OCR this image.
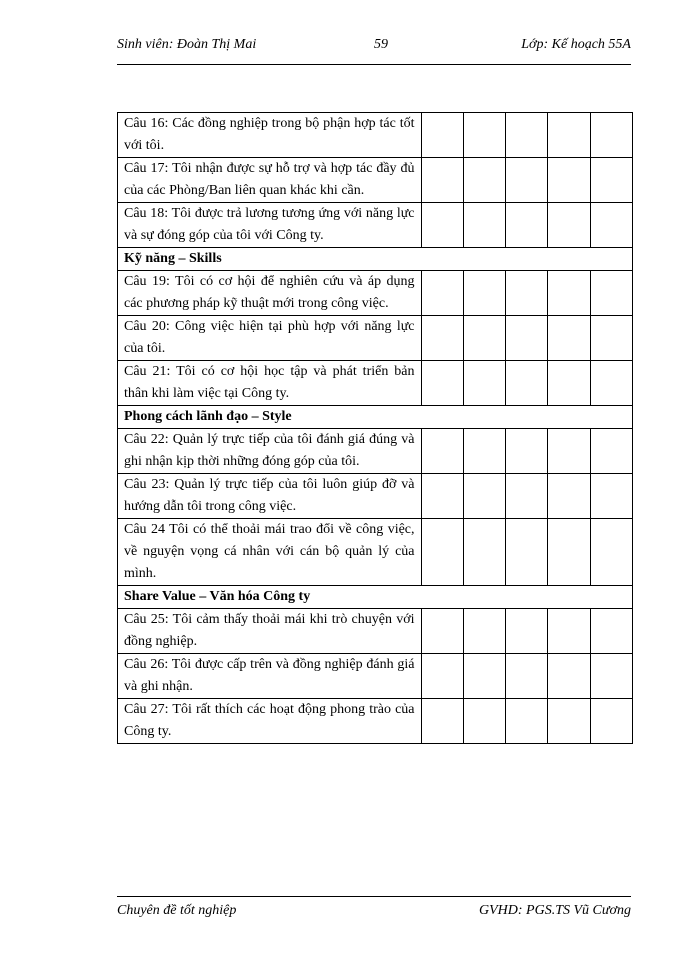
Sinh viên: Đoàn Thị Mai	59	Lớp: Kế hoạch 55A
Câu 16: Các đồng nghiệp trong bộ phận hợp tác tốt với tôi.					
Câu 17: Tôi nhận được sự hỗ trợ và hợp tác đầy đủ của các Phòng/Ban liên quan khác khi cần.					
Câu 18: Tôi được trả lương tương ứng với năng lực và sự đóng góp của tôi với Công ty.					
Kỹ năng – Skills					
Câu 19: Tôi có cơ hội để nghiên cứu và áp dụng các phương pháp kỹ thuật mới trong công việc.					
Câu 20: Công việc hiện tại phù hợp với năng lực của tôi.					
Câu 21: Tôi có cơ hội học tập và phát triển bản thân khi làm việc tại Công ty.					
Phong cách lãnh đạo – Style					
Câu 22: Quản lý trực tiếp của tôi đánh giá đúng và ghi nhận kịp thời những đóng góp của tôi.					
Câu 23: Quản lý trực tiếp của tôi luôn giúp đỡ và hướng dẫn tôi trong công việc.					
Câu 24 Tôi có thể thoải mái trao đổi về công việc, về nguyện vọng cá nhân với cán bộ quản lý của mình.					
Share Value – Văn hóa Công ty					
Câu 25: Tôi cảm thấy thoải mái khi trò chuyện với đồng nghiệp.					
Câu 26: Tôi được cấp trên và đồng nghiệp đánh giá và ghi nhận.					
Câu 27: Tôi rất thích các hoạt động phong trào của Công ty.					
Chuyên đề tốt nghiệp	GVHD: PGS.TS Vũ Cương
